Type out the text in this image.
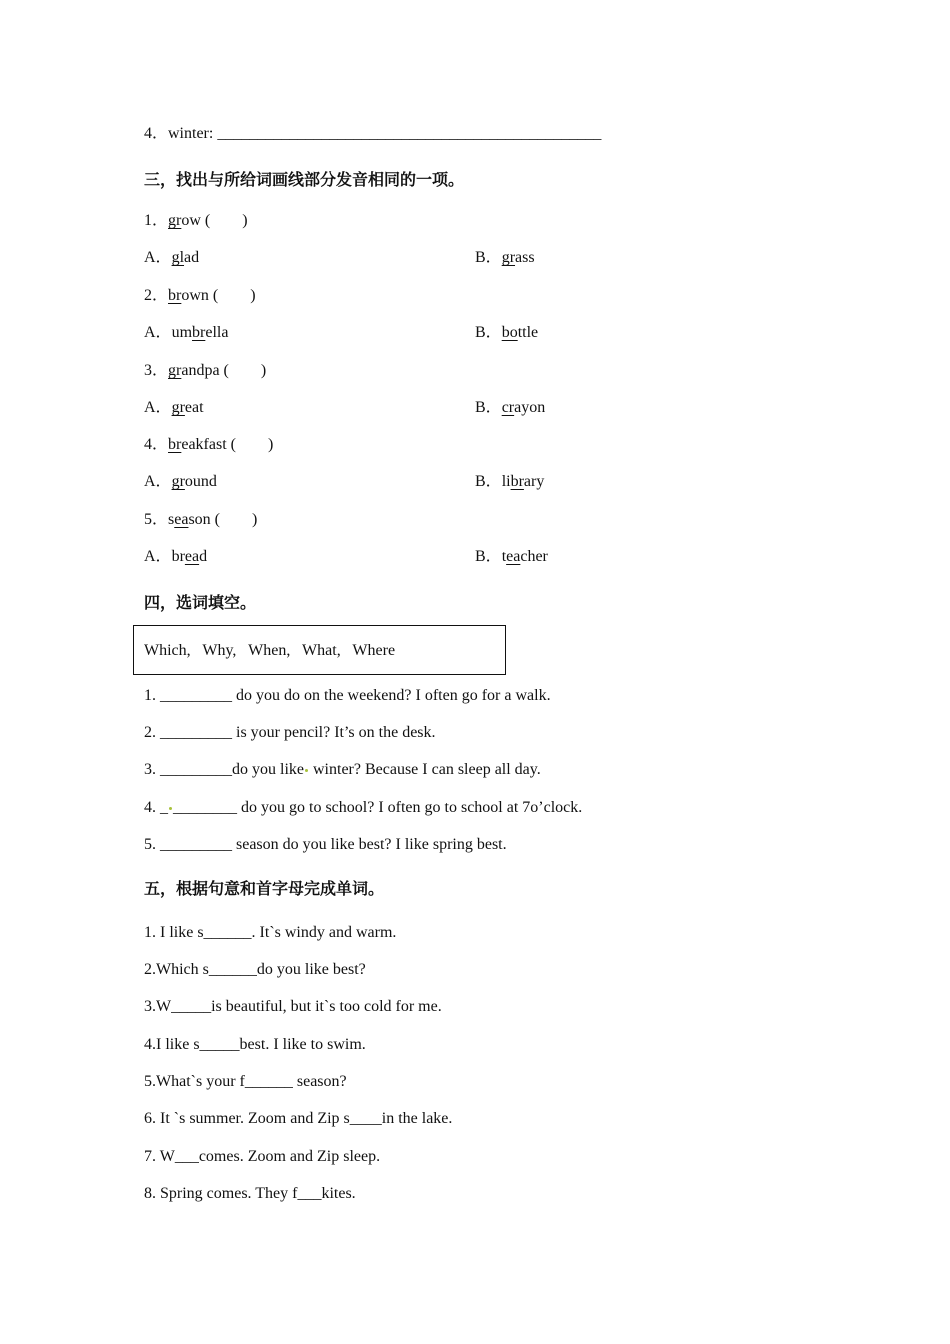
4．winter: ________________________________________________
三，找出与所给词画线部分发音相同的一项。
1．grow (　　)
A．glad	B．grass
2．brown (　　)
A．umbrella	B．bottle
3．grandpa (　　)
A．great	B．crayon
4．breakfast (　　)
A．ground	B．library
5．season (　　)
A．bread	B．teacher
四，选词填空。
Which,   Why,   When,   What,   Where
1. _________ do you do on the weekend? I often go for a walk.
2. _________ is your pencil? It’s on the desk.
3. _________do you like winter? Because I can sleep all day.
4. _ ________ do you go to school? I often go to school at 7o’clock.
5. _________ season do you like best? I like spring best.
五，根据句意和首字母完成单词。
1. I like s______. It`s windy and warm.
2.Which s______do you like best?
3.W_____is beautiful, but it`s too cold for me.
4.I like s_____best. I like to swim.
5.What`s your f______ season?
6. It `s summer. Zoom and Zip s____in the lake.
7. W___comes. Zoom and Zip sleep.
8. Spring comes. They f___kites.
